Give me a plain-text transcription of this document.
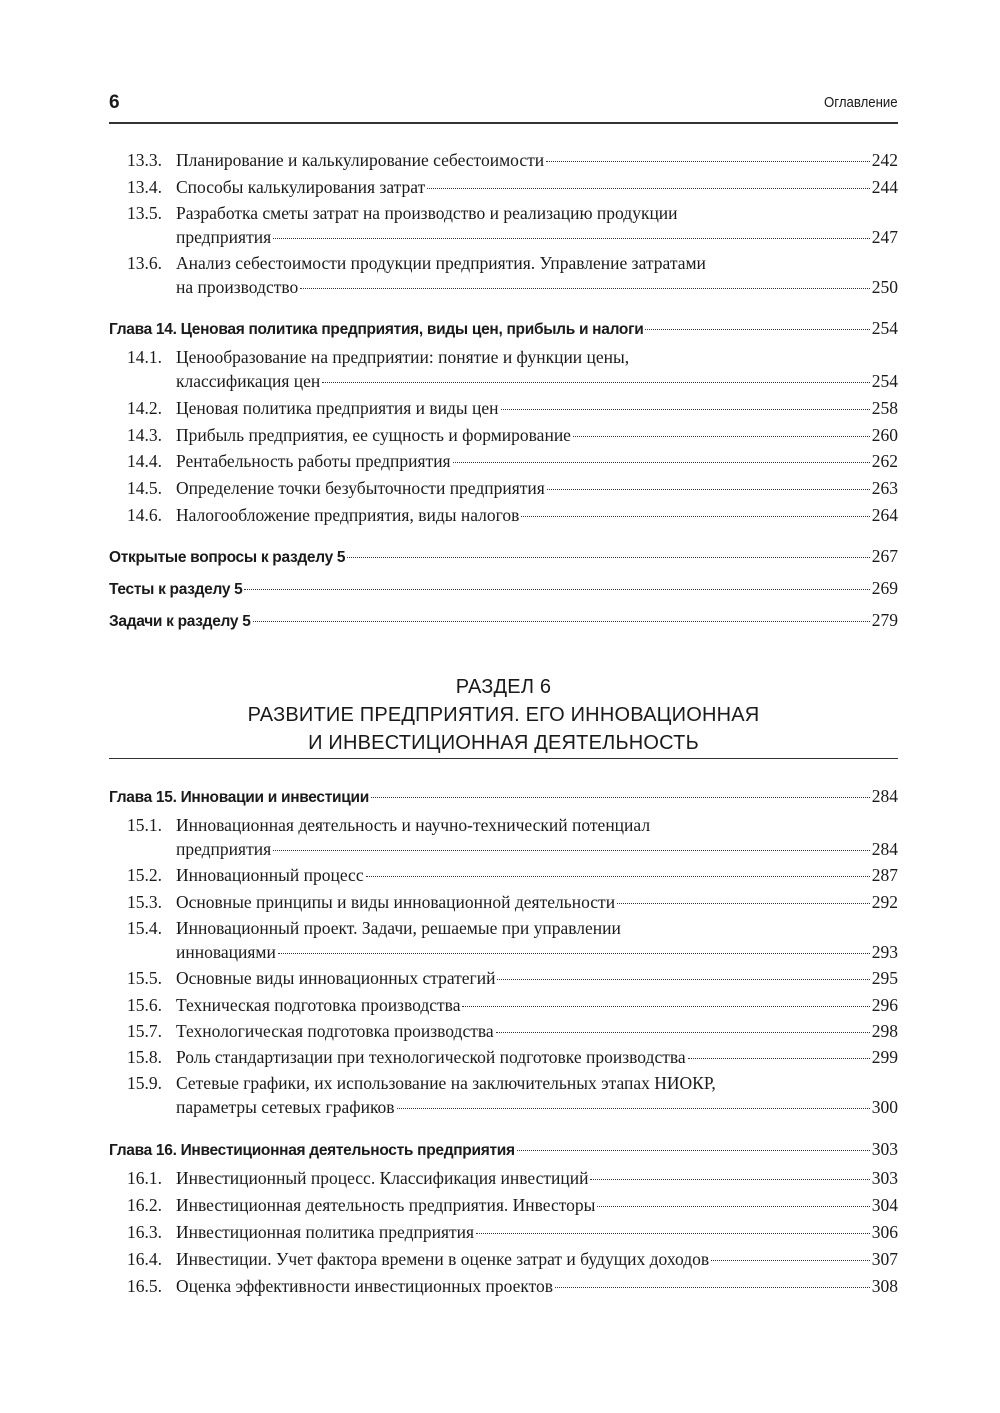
6	Оглавление
13.3. Планирование и калькулирование себестоимости	242
13.4. Способы калькулирования затрат	244
13.5. Разработка сметы затрат на производство и реализацию продукции
предприятия	247
13.6. Анализ себестоимости продукции предприятия. Управление затратами
на производство	250
Глава 14. Ценовая политика предприятия, виды цен, прибыль и налоги	254
14.1. Ценообразование на предприятии: понятие и функции цены,
классификация цен	254
14.2. Ценовая политика предприятия и виды цен	258
14.3. Прибыль предприятия, ее сущность и формирование	260
14.4. Рентабельность работы предприятия	262
14.5. Определение точки безубыточности предприятия	263
14.6. Налогообложение предприятия, виды налогов	264
Открытые вопросы к разделу 5	267
Тесты к разделу 5	269
Задачи к разделу 5	279
РАЗДЕЛ 6
РАЗВИТИЕ ПРЕДПРИЯТИЯ. ЕГО ИННОВАЦИОННАЯ
И ИНВЕСТИЦИОННАЯ ДЕЯТЕЛЬНОСТЬ
Глава 15. Инновации и инвестиции	284
15.1. Инновационная деятельность и научно-технический потенциал
предприятия	284
15.2. Инновационный процесс	287
15.3. Основные принципы и виды инновационной деятельности	292
15.4. Инновационный проект. Задачи, решаемые при управлении
инновациями	293
15.5. Основные виды инновационных стратегий	295
15.6. Техническая подготовка производства	296
15.7. Технологическая подготовка производства	298
15.8. Роль стандартизации при технологической подготовке производства	299
15.9. Сетевые графики, их использование на заключительных этапах НИОКР,
параметры сетевых графиков	300
Глава 16. Инвестиционная деятельность предприятия	303
16.1. Инвестиционный процесс. Классификация инвестиций	303
16.2. Инвестиционная деятельность предприятия. Инвесторы	304
16.3. Инвестиционная политика предприятия	306
16.4. Инвестиции. Учет фактора времени в оценке затрат и будущих доходов	307
16.5. Оценка эффективности инвестиционных проектов	308
